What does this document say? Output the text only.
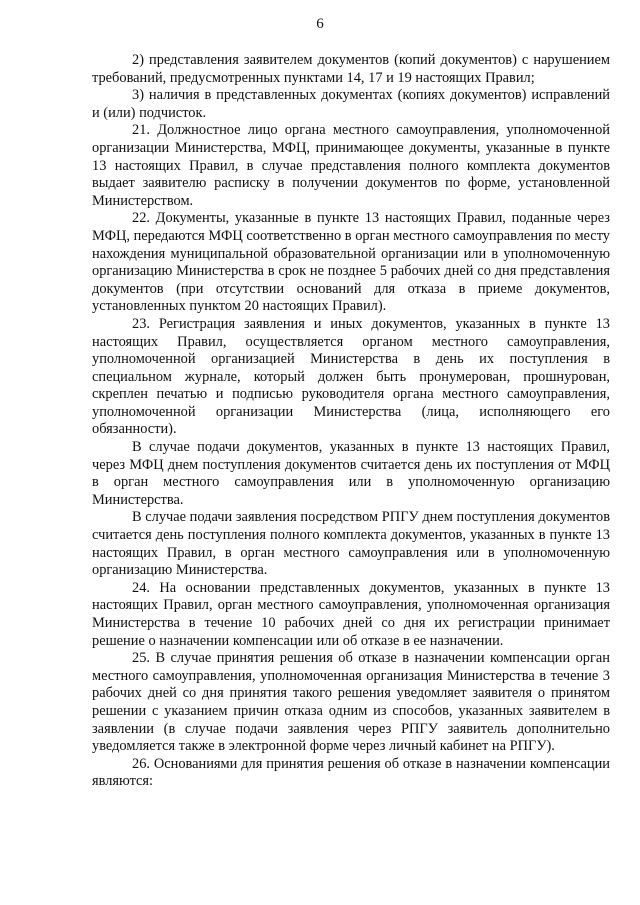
6

2) представления заявителем документов (копий документов) с нарушением требований, предусмотренных пунктами 14, 17 и 19 настоящих Правил;

3) наличия в представленных документах (копиях документов) исправлений и (или) подчисток.

21. Должностное лицо органа местного самоуправления, уполномоченной организации Министерства, МФЦ, принимающее документы, указанные в пункте 13 настоящих Правил, в случае представления полного комплекта документов выдает заявителю расписку в получении документов по форме, установленной Министерством.

22. Документы, указанные в пункте 13 настоящих Правил, поданные через МФЦ, передаются МФЦ соответственно в орган местного самоуправления по месту нахождения муниципальной образовательной организации или в уполномоченную организацию Министерства в срок не позднее 5 рабочих дней со дня представления документов (при отсутствии оснований для отказа в приеме документов, установленных пунктом 20 настоящих Правил).

23. Регистрация заявления и иных документов, указанных в пункте 13 настоящих Правил, осуществляется органом местного самоуправления, уполномоченной организацией Министерства в день их поступления в специальном журнале, который должен быть пронумерован, прошнурован, скреплен печатью и подписью руководителя органа местного самоуправления, уполномоченной организации Министерства (лица, исполняющего его обязанности).

В случае подачи документов, указанных в пункте 13 настоящих Правил, через МФЦ днем поступления документов считается день их поступления от МФЦ в орган местного самоуправления или в уполномоченную организацию Министерства.

В случае подачи заявления посредством РПГУ днем поступления документов считается день поступления полного комплекта документов, указанных в пункте 13 настоящих Правил, в орган местного самоуправления или в уполномоченную организацию Министерства.

24. На основании представленных документов, указанных в пункте 13 настоящих Правил, орган местного самоуправления, уполномоченная организация Министерства в течение 10 рабочих дней со дня их регистрации принимает решение о назначении компенсации или об отказе в ее назначении.

25. В случае принятия решения об отказе в назначении компенсации орган местного самоуправления, уполномоченная организация Министерства в течение 3 рабочих дней со дня принятия такого решения уведомляет заявителя о принятом решении с указанием причин отказа одним из способов, указанных заявителем в заявлении (в случае подачи заявления через РПГУ заявитель дополнительно уведомляется также в электронной форме через личный кабинет на РПГУ).

26. Основаниями для принятия решения об отказе в назначении компенсации являются:
